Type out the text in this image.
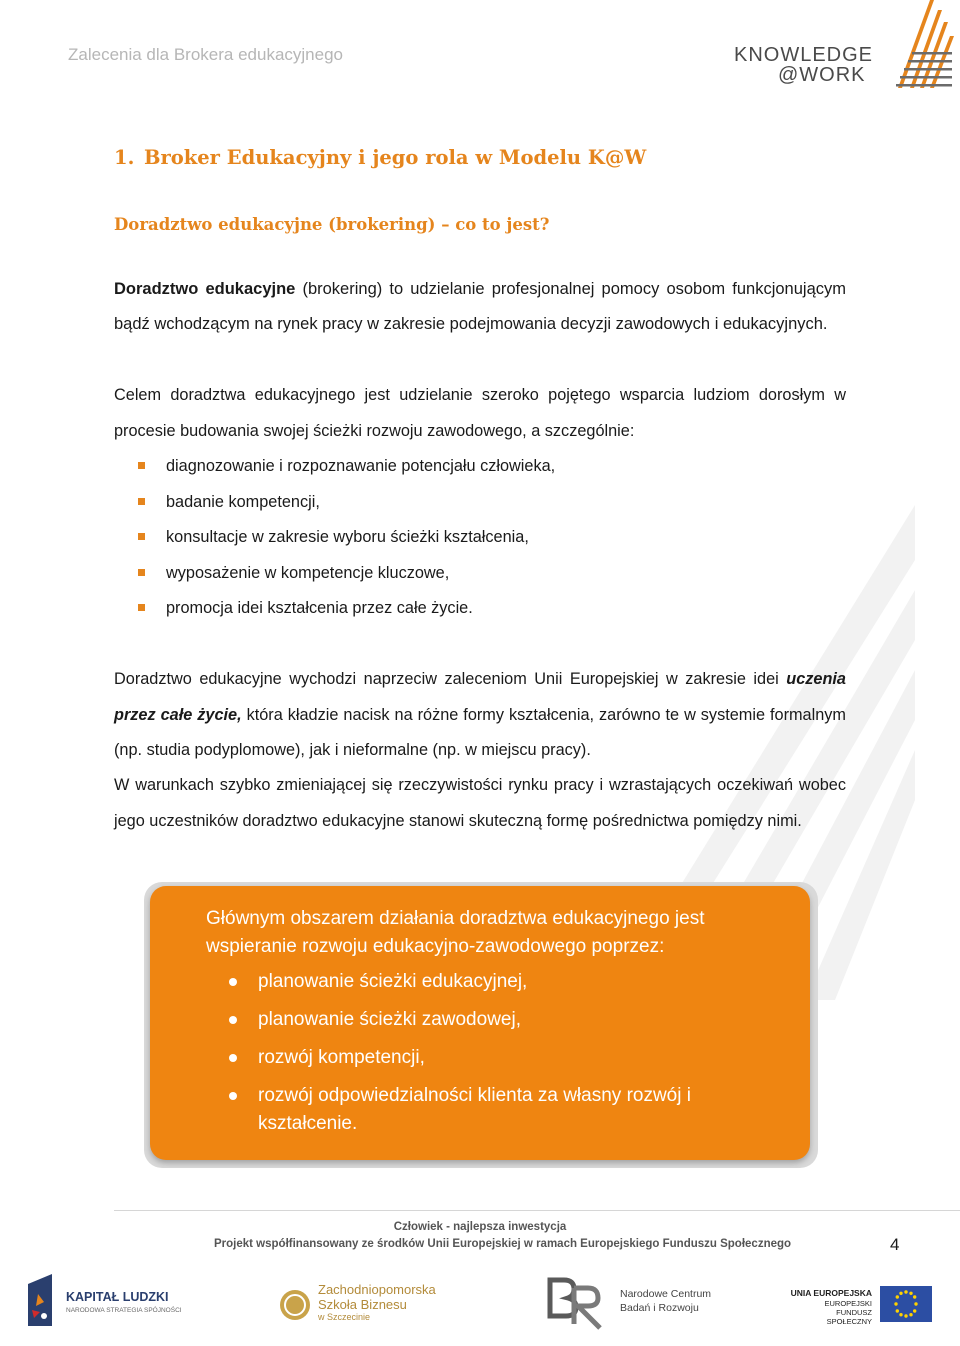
Zalecenia dla Brokera edukacyjnego	KNOWLEDGE
@WORK
1. Broker Edukacyjny i jego rola w Modelu K@W
Doradztwo edukacyjne (brokering) – co to jest?

Doradztwo edukacyjne (brokering) to udzielanie profesjonalnej pomocy osobom funkcjonującym bądź wchodzącym na rynek pracy w zakresie podejmowania decyzji zawodowych i edukacyjnych.

Celem doradztwa edukacyjnego jest udzielanie szeroko pojętego wsparcia ludziom dorosłym w procesie budowania swojej ścieżki rozwoju zawodowego, a szczególnie:

diagnozowanie i rozpoznawanie potencjału człowieka,
badanie kompetencji,
konsultacje w zakresie wyboru ścieżki kształcenia,
wyposażenie w kompetencje kluczowe,
promocja idei kształcenia przez całe życie.

Doradztwo edukacyjne wychodzi naprzeciw zaleceniom Unii Europejskiej w zakresie idei uczenia przez całe życie, która kładzie nacisk na różne formy kształcenia, zarówno te w systemie formalnym (np. studia podyplomowe), jak i nieformalne (np. w miejscu pracy).

W warunkach szybko zmieniającej się rzeczywistości rynku pracy i wzrastających oczekiwań wobec jego uczestników doradztwo edukacyjne stanowi skuteczną formę pośrednictwa pomiędzy nimi.

Głównym obszarem działania doradztwa edukacyjnego jest wspieranie rozwoju edukacyjno-zawodowego poprzez:

planowanie ścieżki edukacyjnej,
planowanie ścieżki zawodowej,
rozwój kompetencji,
rozwój odpowiedzialności klienta za własny rozwój i kształcenie.
Człowiek - najlepsza inwestycja
Projekt współfinansowany ze środków Unii Europejskiej w ramach Europejskiego Funduszu Społecznego	4
KAPITAŁ LUDZKI
NARODOWA STRATEGIA SPÓJNOŚCI
Zachodniopomorska
Szkoła Biznesu
w Szczecinie
Narodowe Centrum
Badań i Rozwoju
UNIA EUROPEJSKA
EUROPEJSKI
FUNDUSZ
SPOŁECZNY
